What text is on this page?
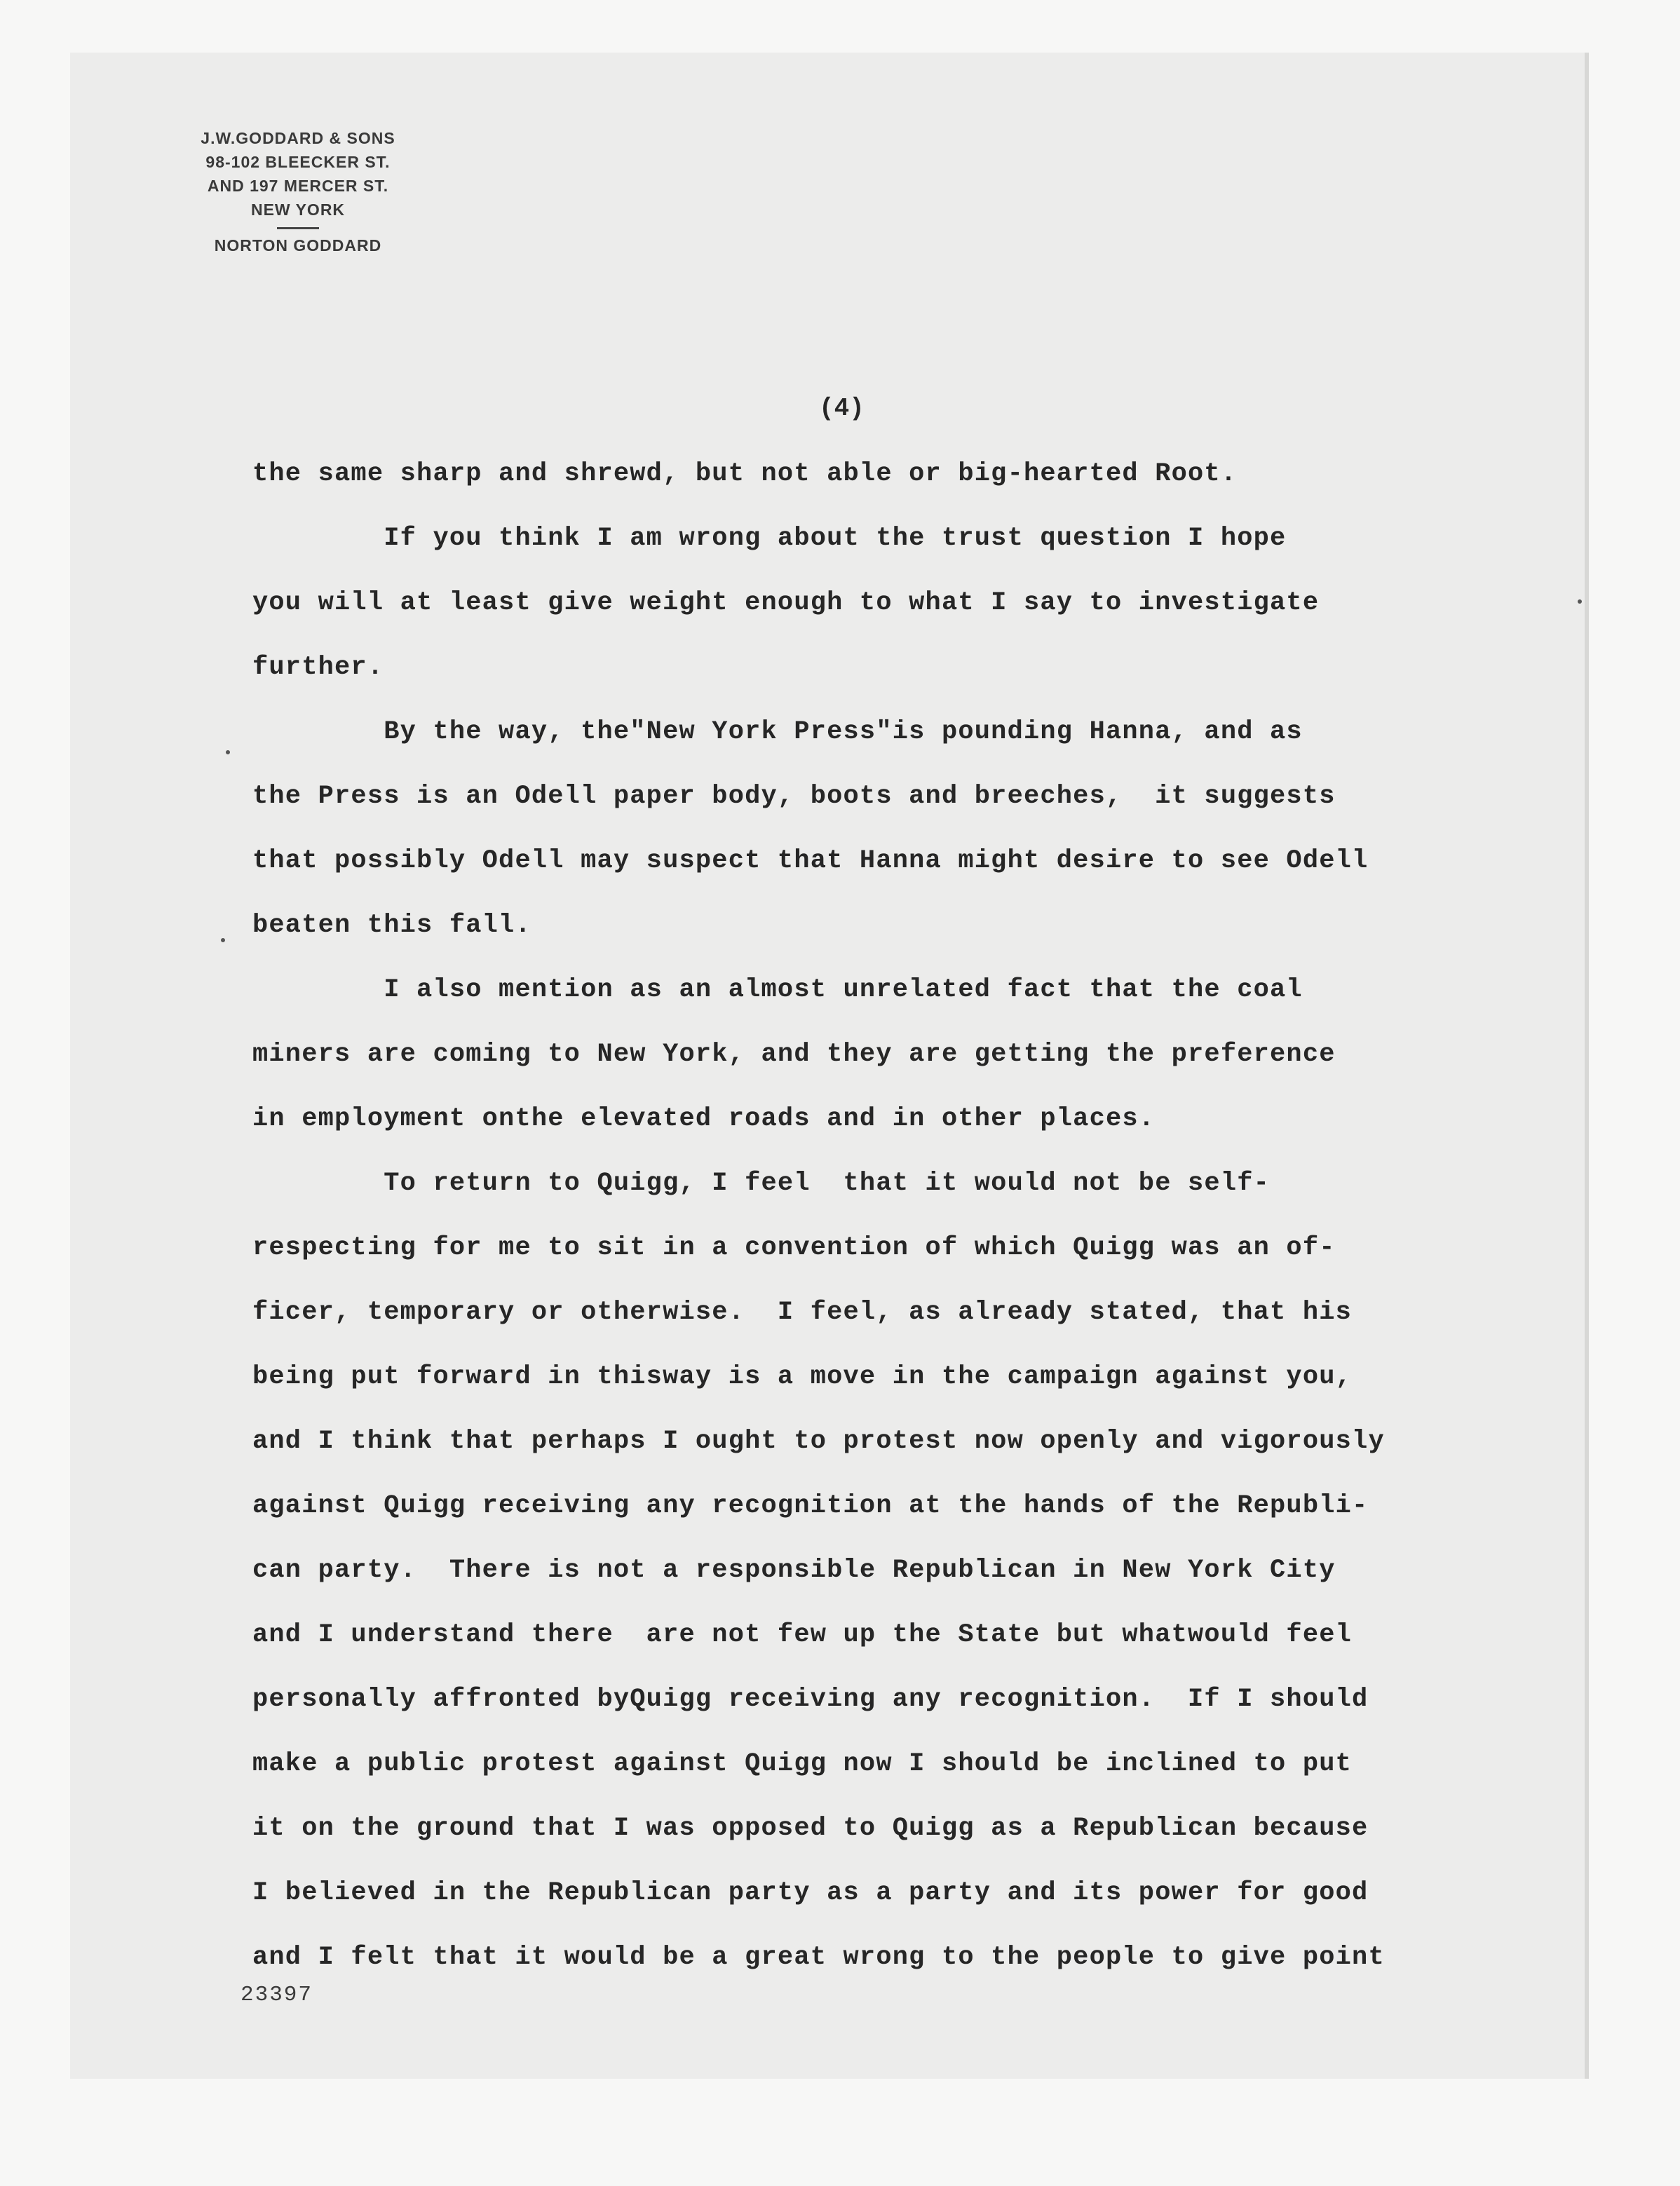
J.W.GODDARD & SONS
98-102 BLEECKER ST.
AND 197 MERCER ST.
NEW YORK
NORTON GODDARD
(4)
the same sharp and shrewd, but not able or big-hearted Root.
If you think I am wrong about the trust question I hope
you will at least give weight enough to what I say to investigate
further.
By the way, the"New York Press"is pounding Hanna, and as
the Press is an Odell paper body, boots and breeches,  it suggests
that possibly Odell may suspect that Hanna might desire to see Odell
beaten this fall.
I also mention as an almost unrelated fact that the coal
miners are coming to New York, and they are getting the preference
in employment onthe elevated roads and in other places.
To return to Quigg, I feel  that it would not be self-
respecting for me to sit in a convention of which Quigg was an of-
ficer, temporary or otherwise.  I feel, as already stated, that his
being put forward in thisway is a move in the campaign against you,
and I think that perhaps I ought to protest now openly and vigorously
against Quigg receiving any recognition at the hands of the Republi-
can party.  There is not a responsible Republican in New York City
and I understand there  are not few up the State but whatwould feel
personally affronted byQuigg receiving any recognition.  If I should
make a public protest against Quigg now I should be inclined to put
it on the ground that I was opposed to Quigg as a Republican because
I believed in the Republican party as a party and its power for good
and I felt that it would be a great wrong to the people to give point
23397
